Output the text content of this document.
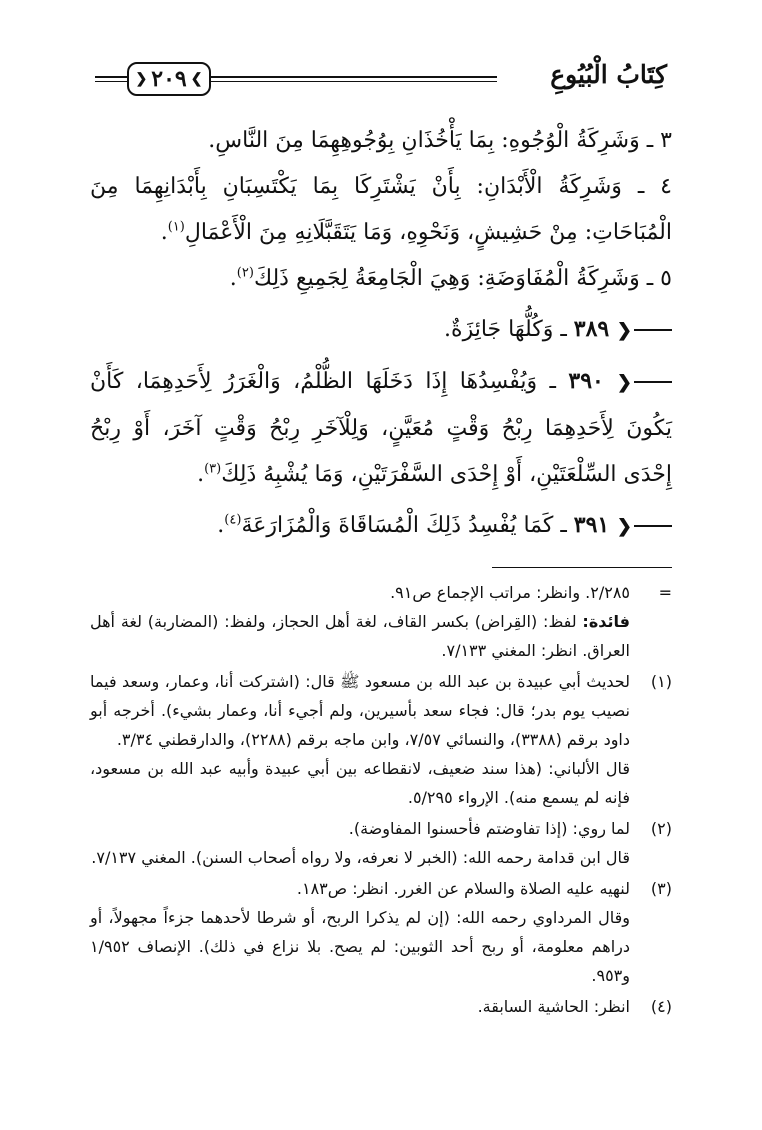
كِتَابُ الْبُيُوعِ
❯
٢٠٩
❮

٣ ـ وَشَرِكَةُ الْوُجُوهِ: بِمَا يَأْخُذَانِ بِوُجُوهِهِمَا مِنَ النَّاسِ.

٤ ـ وَشَرِكَةُ الْأَبْدَانِ: بِأَنْ يَشْتَرِكَا بِمَا يَكْتَسِبَانِ بِأَبْدَانِهِمَا مِنَ الْمُبَاحَاتِ: مِنْ حَشِيشٍ، وَنَحْوِهِ، وَمَا يَتَقَبَّلَانِهِ مِنَ الْأَعْمَالِ$^{(١)}$.

٥ ـ وَشَرِكَةُ الْمُفَاوَضَةِ: وَهِيَ الْجَامِعَةُ لِجَمِيعِ ذَلِكَ$^{(٢)}$.

❮ ٣٨٩ ـ وَكُلُّهَا جَائِزَةٌ.

❮ ٣٩٠ ـ وَيُفْسِدُهَا إِذَا دَخَلَهَا الظُّلْمُ، وَالْغَرَرُ لِأَحَدِهِمَا، كَأَنْ يَكُونَ لِأَحَدِهِمَا رِبْحُ وَقْتٍ مُعَيَّنٍ، وَلِلْآخَرِ رِبْحُ وَقْتٍ آخَرَ، أَوْ رِبْحُ إِحْدَى السِّلْعَتَيْنِ، أَوْ إِحْدَى السَّفْرَتَيْنِ، وَمَا يُشْبِهُ ذَلِكَ$^{(٣)}$.

❮ ٣٩١ ـ كَمَا يُفْسِدُ ذَلِكَ الْمُسَاقَاةَ وَالْمُزَارَعَةَ$^{(٤)}$.

=
٢/٢٨٥. وانظر: مراتب الإجماع ص٩١.
فائدة: لفظ: (القِراض) بكسر القاف، لغة أهل الحجاز، ولفظ: (المضاربة) لغة أهل العراق. انظر: المغني ٧/١٣٣.
(١)
لحديث أبي عبيدة بن عبد الله بن مسعود ﷺ قال: (اشتركت أنا، وعمار، وسعد فيما نصيب يوم بدر؛ قال: فجاء سعد بأسيرين، ولم أجيء أنا، وعمار بشيء). أخرجه أبو داود برقم (٣٣٨٨)، والنسائي ٧/٥٧، وابن ماجه برقم (٢٢٨٨)، والدارقطني ٣/٣٤.
قال الألباني: (هذا سند ضعيف، لانقطاعه بين أبي عبيدة وأبيه عبد الله بن مسعود، فإنه لم يسمع منه). الإرواء ٥/٢٩٥.
(٢)
لما روي: (إذا تفاوضتم فأحسنوا المفاوضة).
قال ابن قدامة رحمه الله: (الخبر لا نعرفه، ولا رواه أصحاب السنن). المغني ٧/١٣٧.
(٣)
لنهيه عليه الصلاة والسلام عن الغرر. انظر: ص١٨٣.
وقال المرداوي رحمه الله: (إن لم يذكرا الربح، أو شرطا لأحدهما جزءاً مجهولاً، أو دراهم معلومة، أو ربح أحد الثوبين: لم يصح. بلا نزاع في ذلك). الإنصاف ١/٩٥٢ و٩٥٣.
(٤)
انظر: الحاشية السابقة.
